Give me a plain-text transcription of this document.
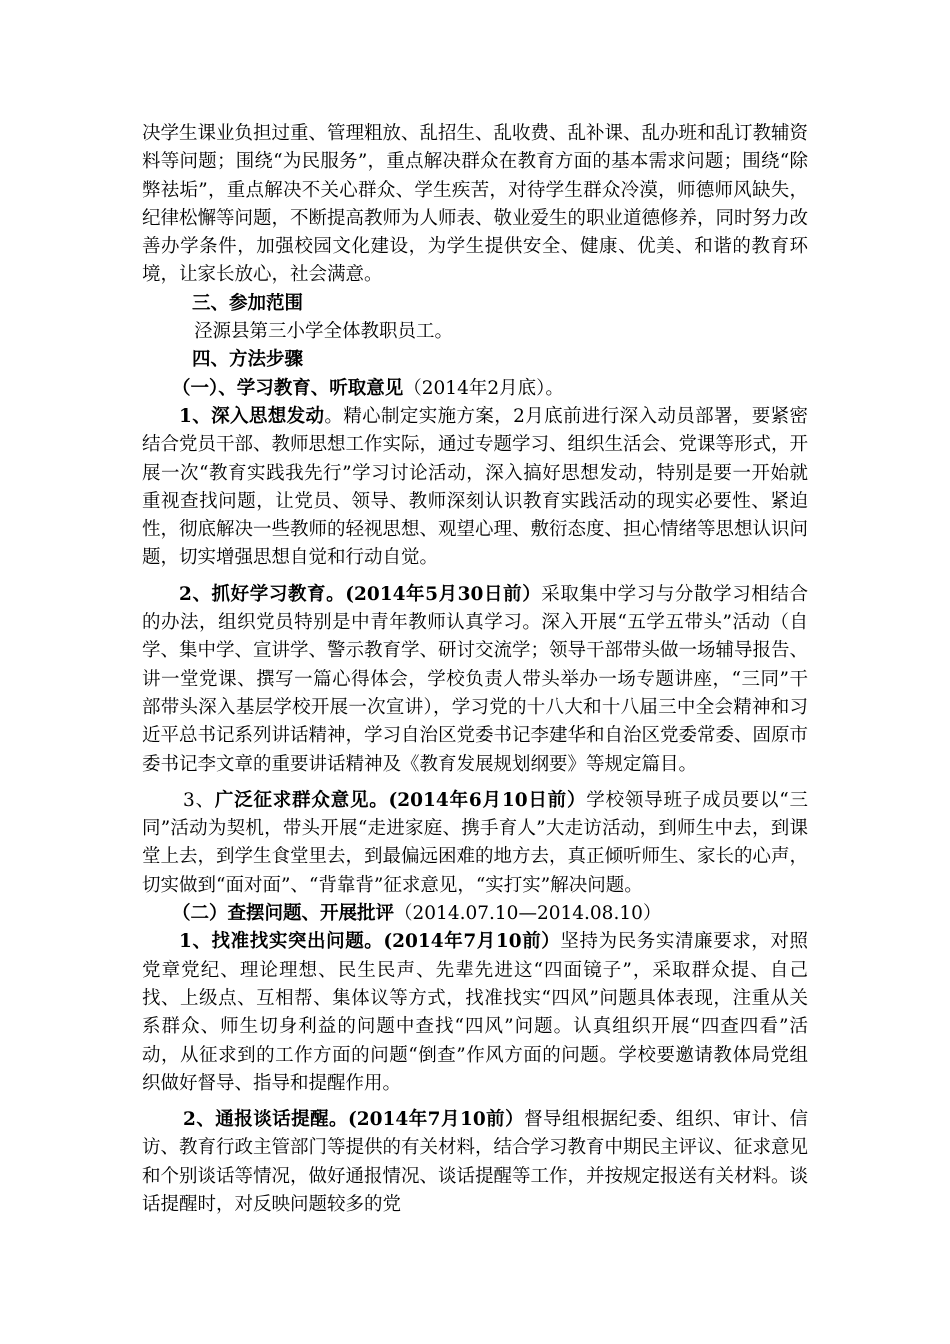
决学生课业负担过重、管理粗放、乱招生、乱收费、乱补课、乱办班和乱订教辅资料等问题；围绕“为民服务”，重点解决群众在教育方面的基本需求问题；围绕“除弊祛垢”，重点解决不关心群众、学生疾苦，对待学生群众冷漠，师德师风缺失，纪律松懈等问题，不断提高教师为人师表、敬业爱生的职业道德修养，同时努力改善办学条件，加强校园文化建设，为学生提供安全、健康、优美、和谐的教育环境，让家长放心，社会满意。

三、参加范围

泾源县第三小学全体教职员工。

四、方法步骤

（一）、学习教育、听取意见（2014年2月底）。

1、深入思想发动。精心制定实施方案，2月底前进行深入动员部署，要紧密结合党员干部、教师思想工作实际，通过专题学习、组织生活会、党课等形式，开展一次“教育实践我先行”学习讨论活动，深入搞好思想发动，特别是要一开始就重视查找问题，让党员、领导、教师深刻认识教育实践活动的现实必要性、紧迫性，彻底解决一些教师的轻视思想、观望心理、敷衍态度、担心情绪等思想认识问题，切实增强思想自觉和行动自觉。

2、抓好学习教育。(2014年5月30日前）采取集中学习与分散学习相结合的办法，组织党员特别是中青年教师认真学习。深入开展“五学五带头”活动（自学、集中学、宣讲学、警示教育学、研讨交流学；领导干部带头做一场辅导报告、讲一堂党课、撰写一篇心得体会，学校负责人带头举办一场专题讲座，“三同”干部带头深入基层学校开展一次宣讲），学习党的十八大和十八届三中全会精神和习近平总书记系列讲话精神，学习自治区党委书记李建华和自治区党委常委、固原市委书记李文章的重要讲话精神及《教育发展规划纲要》等规定篇目。

3、广泛征求群众意见。(2014年6月10日前）学校领导班子成员要以“三同”活动为契机，带头开展“走进家庭、携手育人”大走访活动，到师生中去，到课堂上去，到学生食堂里去，到最偏远困难的地方去，真正倾听师生、家长的心声，切实做到“面对面”、“背靠背”征求意见，“实打实”解决问题。

（二）查摆问题、开展批评（2014.07.10—2014.08.10）

1、找准找实突出问题。(2014年7月10前）坚持为民务实清廉要求，对照党章党纪、理论理想、民生民声、先辈先进这“四面镜子”，采取群众提、自己找、上级点、互相帮、集体议等方式，找准找实“四风”问题具体表现，注重从关系群众、师生切身利益的问题中查找“四风”问题。认真组织开展“四查四看”活动，从征求到的工作方面的问题“倒查”作风方面的问题。学校要邀请教体局党组织做好督导、指导和提醒作用。

2、通报谈话提醒。(2014年7月10前）督导组根据纪委、组织、审计、信访、教育行政主管部门等提供的有关材料，结合学习教育中期民主评议、征求意见和个别谈话等情况，做好通报情况、谈话提醒等工作，并按规定报送有关材料。谈话提醒时，对反映问题较多的党
